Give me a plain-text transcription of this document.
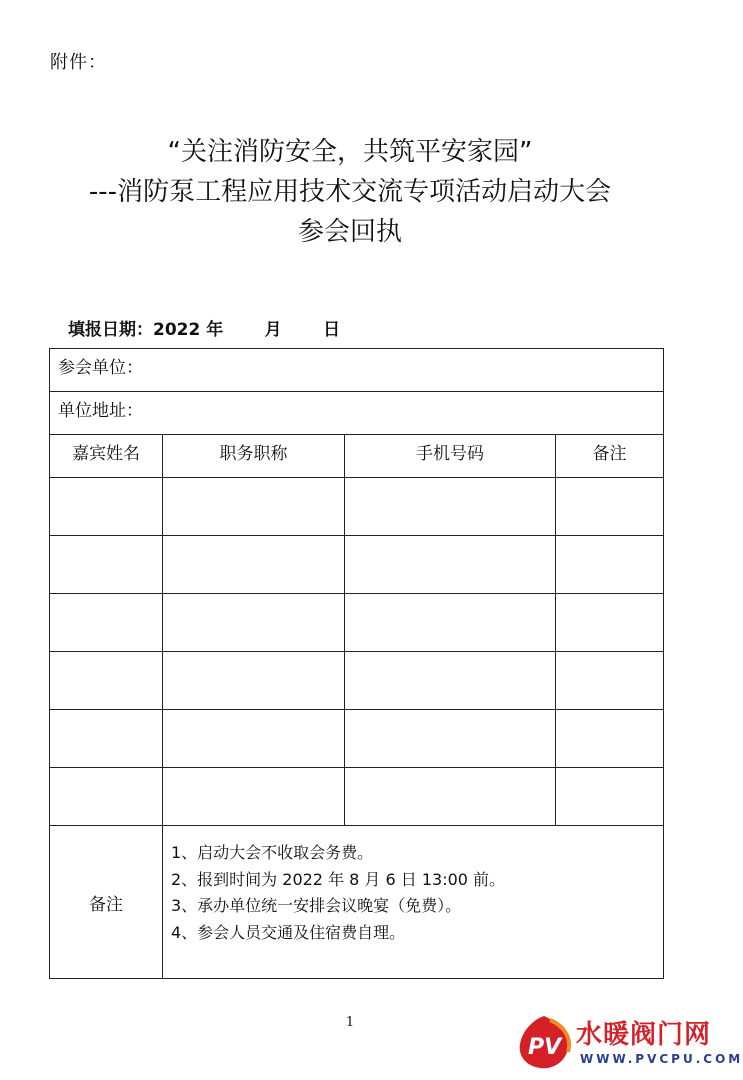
附件：
“关注消防安全，共筑平安家园”
---消防泵工程应用技术交流专项活动启动大会
参会回执
填报日期：2022 年       月       日
参会单位：			
单位地址：			
嘉宾姓名	职务职称	手机号码	备注

备注	1、启动大会不收取会务费。
2、报到时间为 2022 年 8 月 6 日 13:00 前。
3、承办单位统一安排会议晚宴（免费）。
4、参会人员交通及住宿费自理。		
1
PV 水暖阀门网
WWW.PVCPU.COM
